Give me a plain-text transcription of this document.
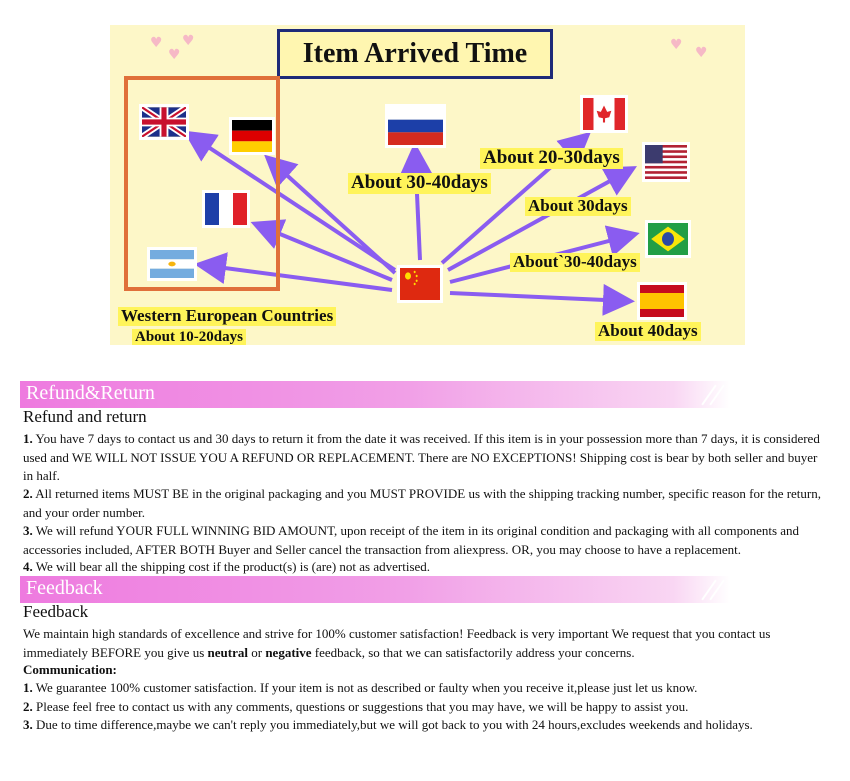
♥
♥
♥	♥ ♥
Item Arrived Time
About 30-40days
About 20-30days
About 30days
About`30-40days
About 40days
Western European Countries
About 10-20days
Refund&Return
Refund and return

1. You have 7 days to contact us and 30 days to return it from the date it was received. If this item is in your possession more than 7 days, it is considered used and WE WILL NOT ISSUE YOU A REFUND OR REPLACEMENT. There are NO EXCEPTIONS! Shipping cost is bear by both seller and buyer in half.

2. All returned items MUST BE in the original packaging and you MUST PROVIDE us with the shipping tracking number, specific reason for the return, and your order number.

3. We will refund YOUR FULL WINNING BID AMOUNT, upon receipt of the item in its original condition and packaging with all components and accessories included, AFTER BOTH Buyer and Seller cancel the transaction from aliexpress. OR, you may choose to have a replacement.

4. We will bear all the shipping cost if the product(s) is (are) not as advertised.

Feedback
Feedback

We maintain high standards of excellence and strive for 100% customer satisfaction! Feedback is very important We request that you contact us immediately BEFORE you give us neutral or negative feedback, so that we can satisfactorily address your concerns.

Communication:

1. We guarantee 100% customer satisfaction. If your item is not as described or faulty when you receive it,please just let us know.

2. Please feel free to contact us with any comments, questions or suggestions that you may have, we will be happy to assist you.

3. Due to time difference,maybe we can't reply you immediately,but we will got back to you with 24 hours,excludes weekends and holidays.
